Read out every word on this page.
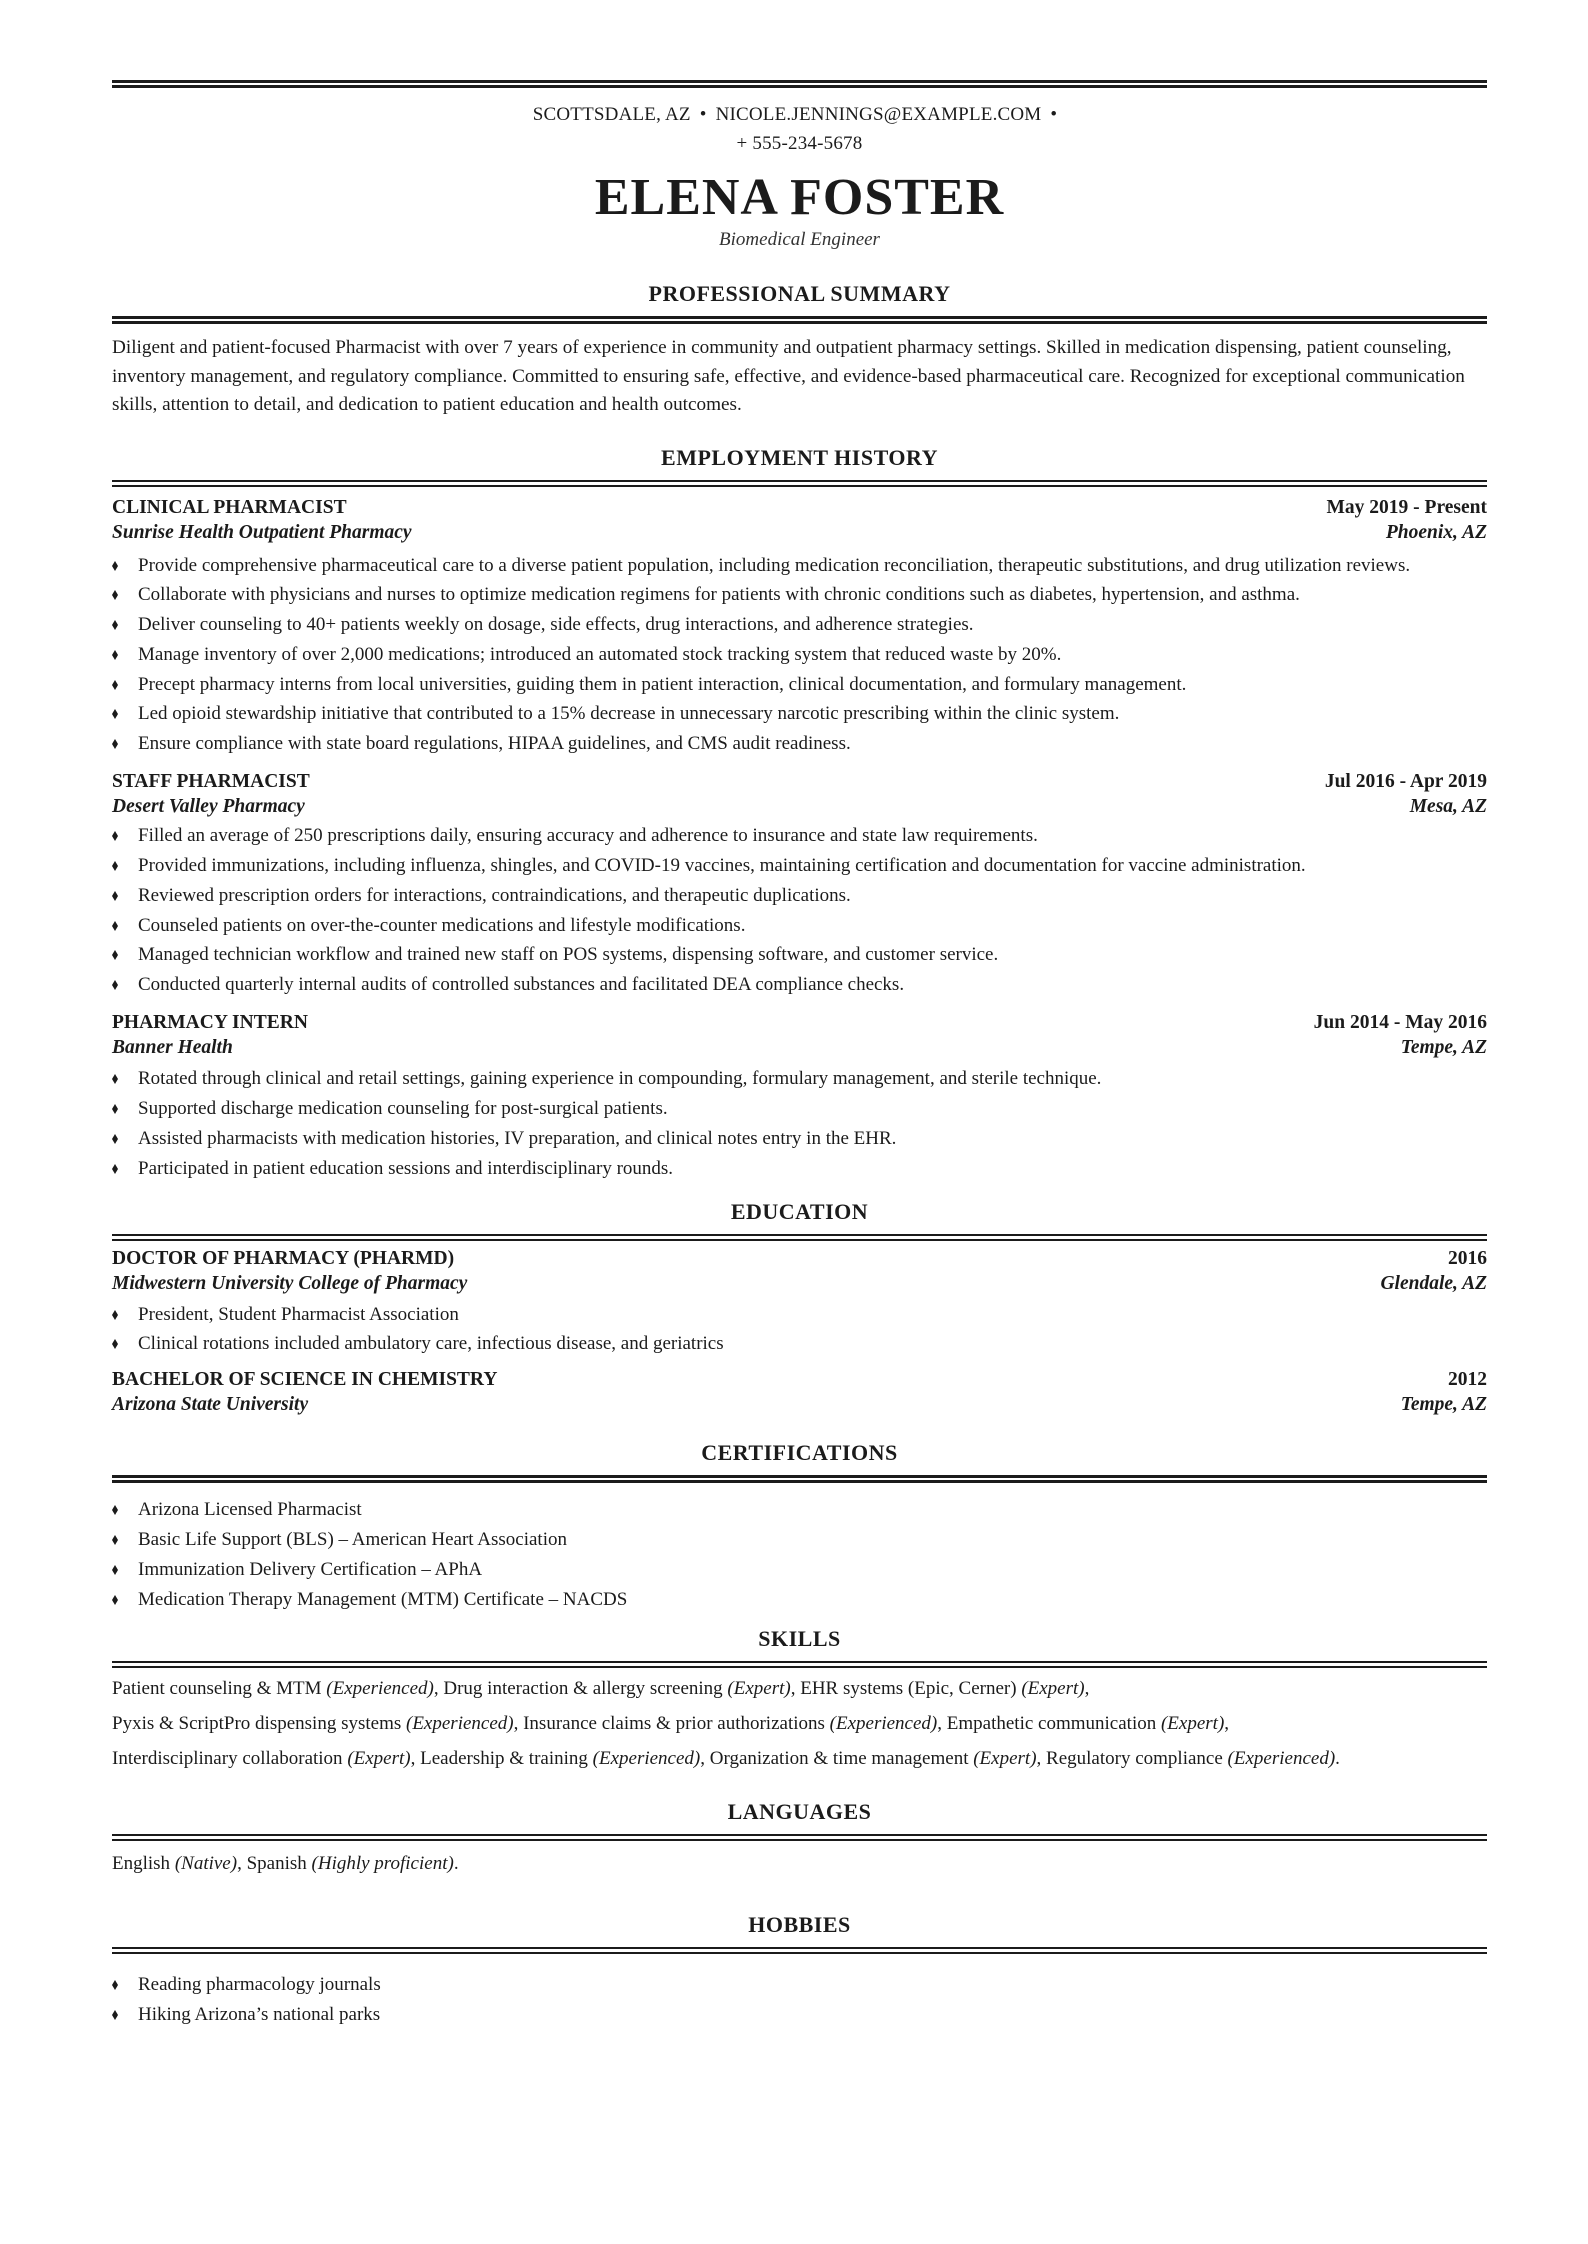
SCOTTSDALE, AZ • NICOLE.JENNINGS@EXAMPLE.COM •
+ 555-234-5678
ELENA FOSTER
Biomedical Engineer
PROFESSIONAL SUMMARY
Diligent and patient-focused Pharmacist with over 7 years of experience in community and outpatient pharmacy settings. Skilled in medication dispensing, patient counseling, inventory management, and regulatory compliance. Committed to ensuring safe, effective, and evidence-based pharmaceutical care. Recognized for exceptional communication skills, attention to detail, and dedication to patient education and health outcomes.
EMPLOYMENT HISTORY
CLINICAL PHARMACIST	May 2019 - Present
Sunrise Health Outpatient Pharmacy	Phoenix, AZ
Provide comprehensive pharmaceutical care to a diverse patient population, including medication reconciliation, therapeutic substitutions, and drug utilization reviews.
Collaborate with physicians and nurses to optimize medication regimens for patients with chronic conditions such as diabetes, hypertension, and asthma.
Deliver counseling to 40+ patients weekly on dosage, side effects, drug interactions, and adherence strategies.
Manage inventory of over 2,000 medications; introduced an automated stock tracking system that reduced waste by 20%.
Precept pharmacy interns from local universities, guiding them in patient interaction, clinical documentation, and formulary management.
Led opioid stewardship initiative that contributed to a 15% decrease in unnecessary narcotic prescribing within the clinic system.
Ensure compliance with state board regulations, HIPAA guidelines, and CMS audit readiness.
STAFF PHARMACIST	Jul 2016 - Apr 2019
Desert Valley Pharmacy	Mesa, AZ
Filled an average of 250 prescriptions daily, ensuring accuracy and adherence to insurance and state law requirements.
Provided immunizations, including influenza, shingles, and COVID-19 vaccines, maintaining certification and documentation for vaccine administration.
Reviewed prescription orders for interactions, contraindications, and therapeutic duplications.
Counseled patients on over-the-counter medications and lifestyle modifications.
Managed technician workflow and trained new staff on POS systems, dispensing software, and customer service.
Conducted quarterly internal audits of controlled substances and facilitated DEA compliance checks.
PHARMACY INTERN	Jun 2014 - May 2016
Banner Health	Tempe, AZ
Rotated through clinical and retail settings, gaining experience in compounding, formulary management, and sterile technique.
Supported discharge medication counseling for post-surgical patients.
Assisted pharmacists with medication histories, IV preparation, and clinical notes entry in the EHR.
Participated in patient education sessions and interdisciplinary rounds.
EDUCATION
DOCTOR OF PHARMACY (PHARMD)	2016
Midwestern University College of Pharmacy	Glendale, AZ
President, Student Pharmacist Association
Clinical rotations included ambulatory care, infectious disease, and geriatrics
BACHELOR OF SCIENCE IN CHEMISTRY	2012
Arizona State University	Tempe, AZ
CERTIFICATIONS
Arizona Licensed Pharmacist
Basic Life Support (BLS) – American Heart Association
Immunization Delivery Certification – APhA
Medication Therapy Management (MTM) Certificate – NACDS
SKILLS
Patient counseling & MTM (Experienced), Drug interaction & allergy screening (Expert), EHR systems (Epic, Cerner) (Expert),
Pyxis & ScriptPro dispensing systems (Experienced), Insurance claims & prior authorizations (Experienced), Empathetic communication (Expert),
Interdisciplinary collaboration (Expert), Leadership & training (Experienced), Organization & time management (Expert), Regulatory compliance (Experienced).
LANGUAGES
English (Native), Spanish (Highly proficient).
HOBBIES
Reading pharmacology journals
Hiking Arizona’s national parks
